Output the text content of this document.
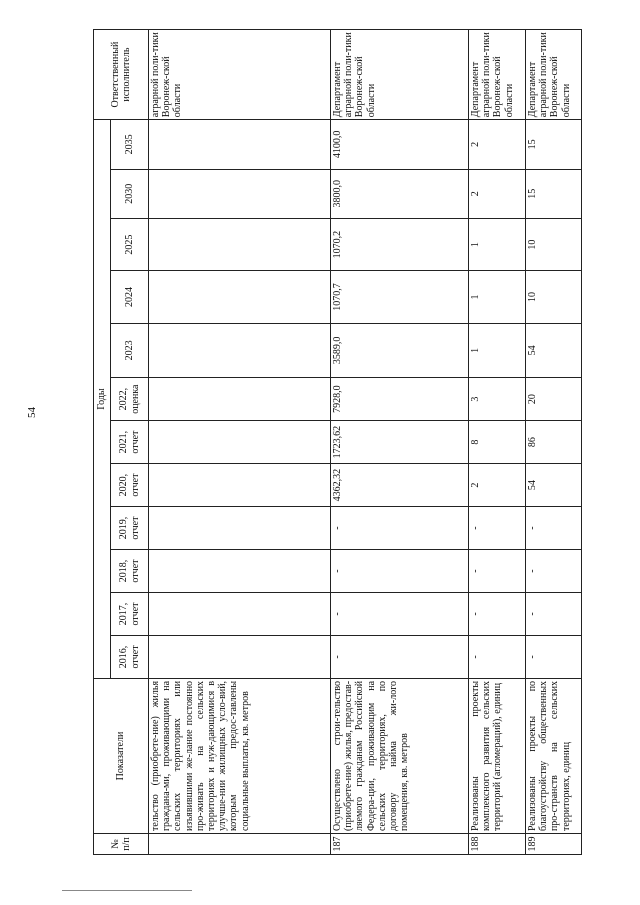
54
№ п/п	Показатели	Годы												Ответственный исполнитель
		2016, отчет	2017, отчет	2018, отчет	2019, отчет	2020, отчет	2021, отчет	2022, оценка	2023	2024	2025	2030	2035	
	тельство (приобрете-ние) жилья граждана-ми, проживающими на сельских территориях или изъявившими же-лание постоянно про-живать на сельских территориях и нуж-дающимися в улучше-нии жилищных усло-вий, которым предос-тавлены социальные выплаты, кв. метров													аграрной поли-тики Воронеж-ской области
187	Осуществлено строи-тельство (приобрете-ние) жилья, предостав-ляемого гражданам Российской Федера-ции, проживающим на сельских территориях, по договору найма жи-лого помещения, кв. метров	-	-	-	-	4362,32	1723,62	7928,0	3589,0	1070,7	1070,2	3800,0	4100,0	Департамент аграрной поли-тики Воронеж-ской области
188	Реализованы проекты комплексного развития сельских территорий (агломераций), единиц	-	-	-	-	2	8	3	1	1	1	2	2	Департамент аграрной поли-тики Воронеж-ской области
189	Реализованы проекты по благоустройству общественных про-странств на сельских территориях, единиц	-	-	-	-	54	86	20	54	10	10	15	15	Департамент аграрной поли-тики Воронеж-ской области
